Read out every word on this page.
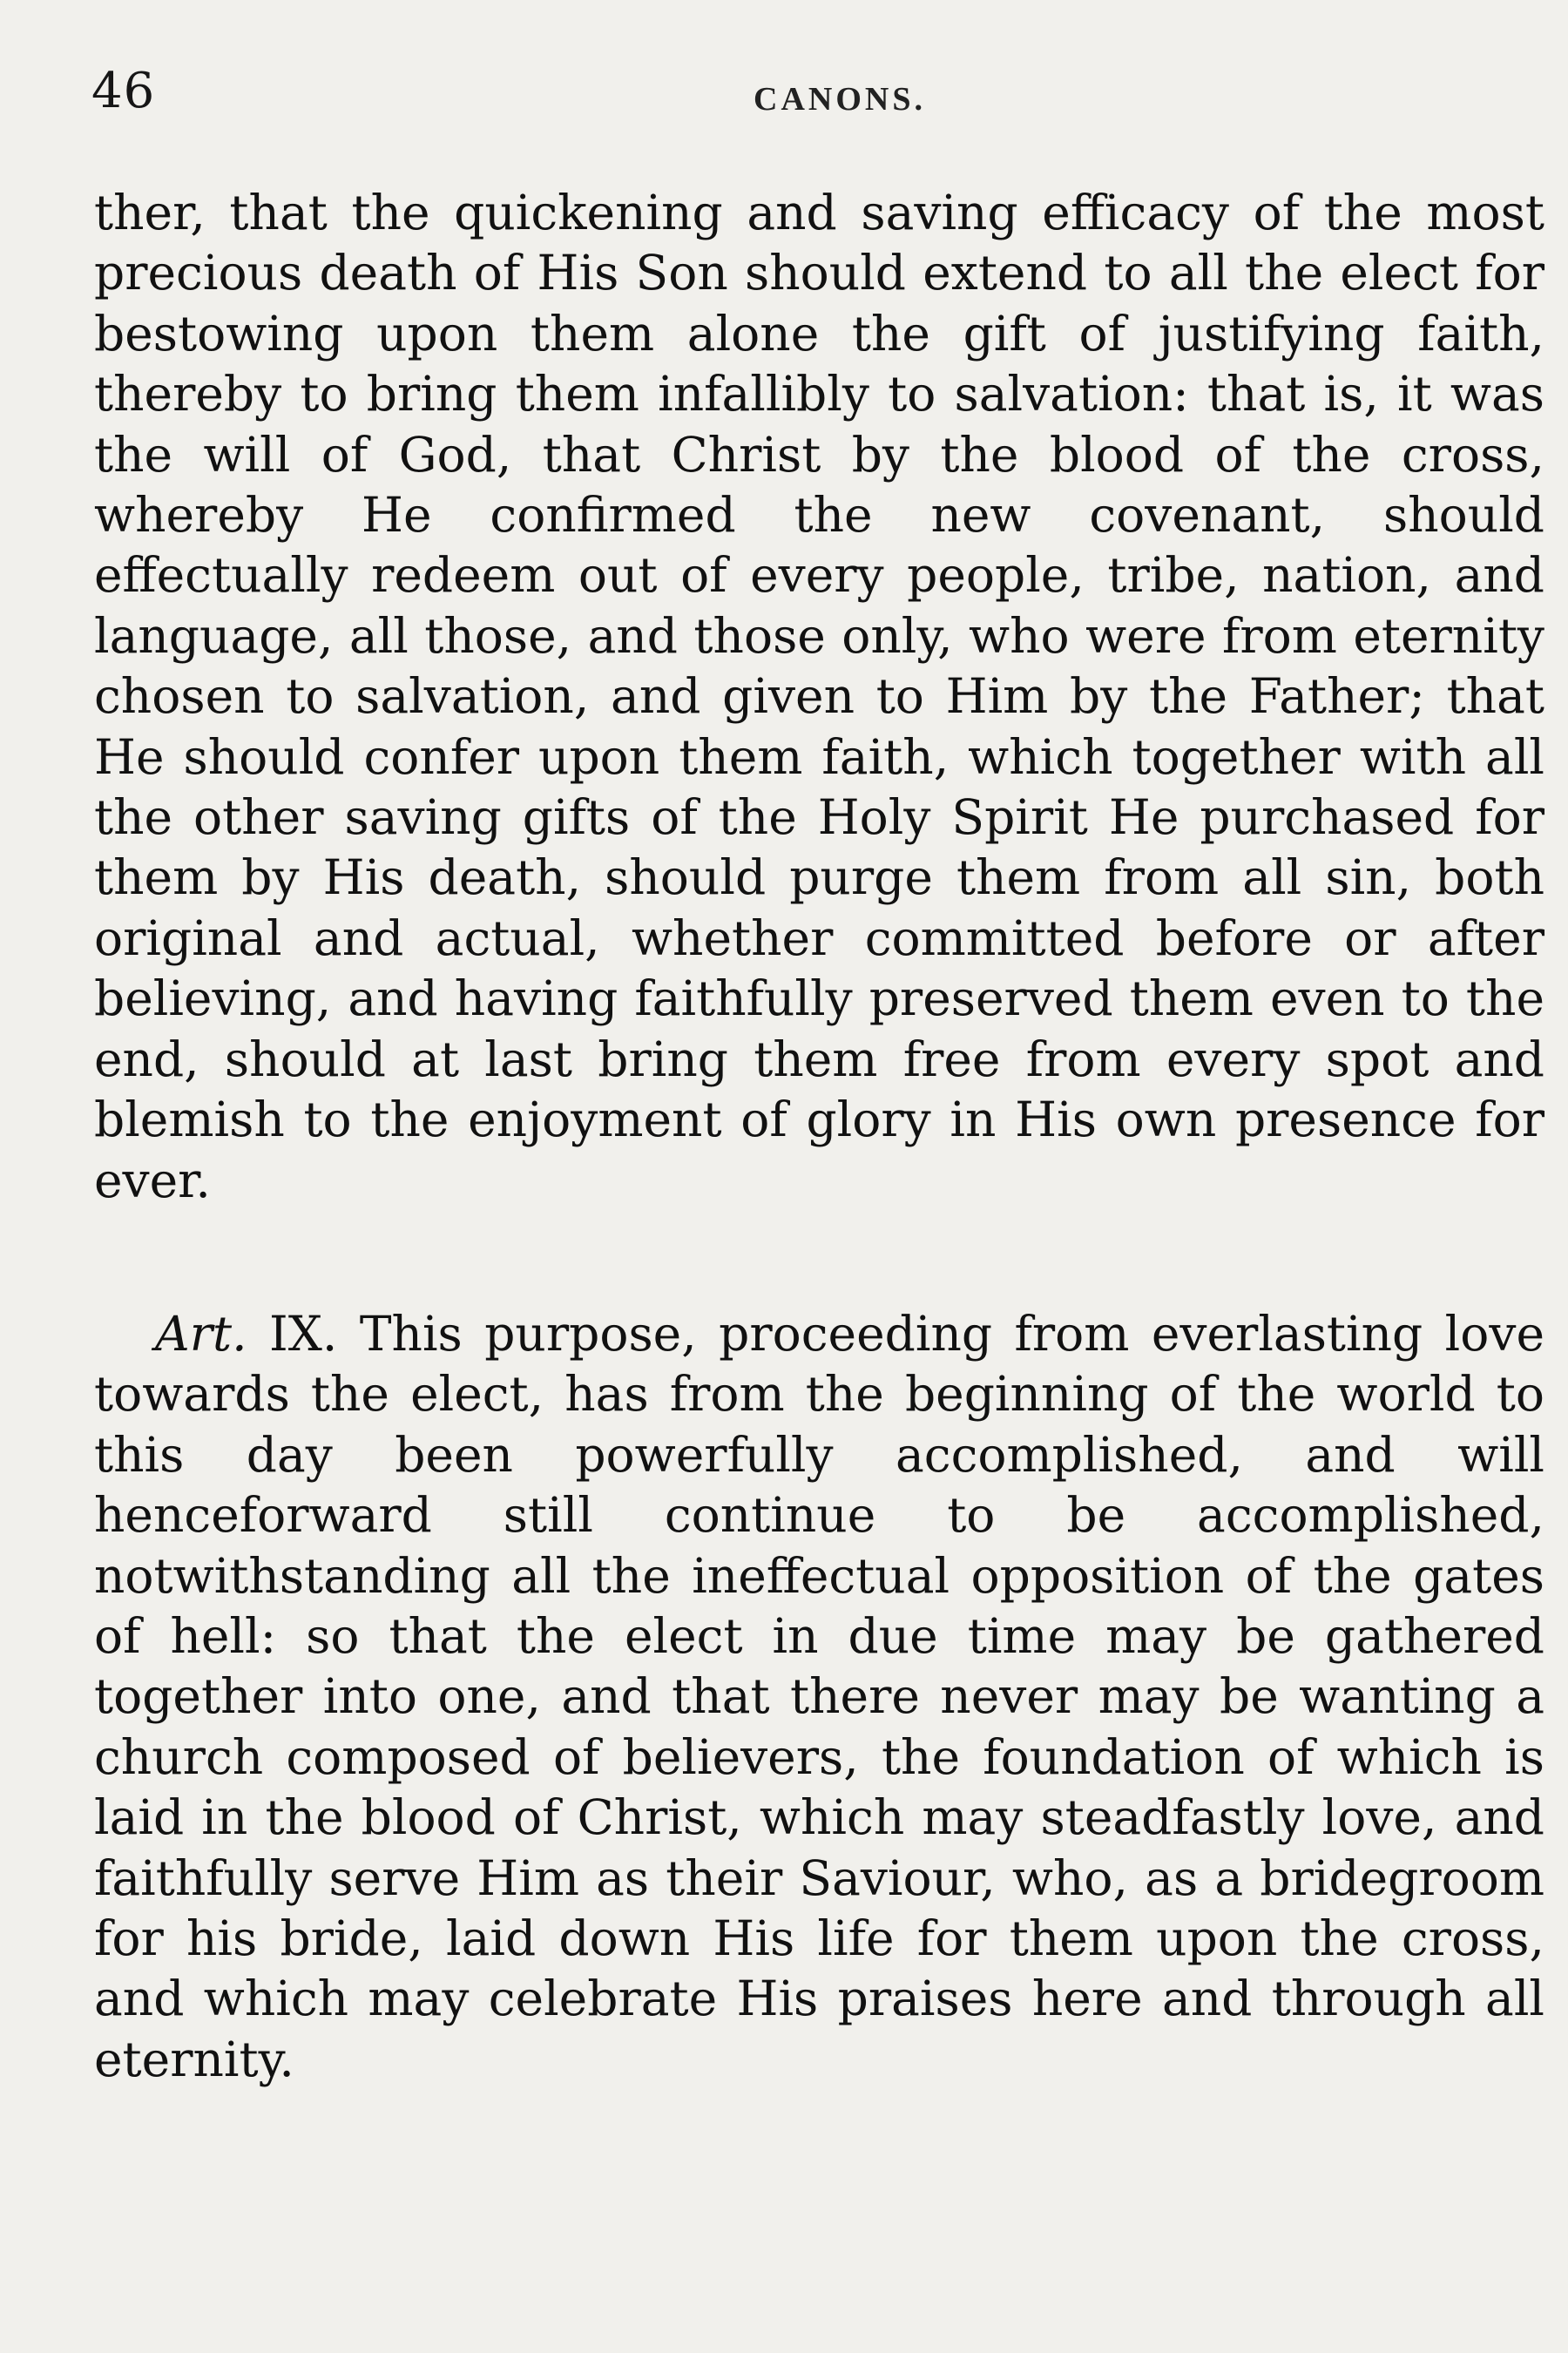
46	CANONS.

ther, that the quickening and saving efficacy of the most precious death of His Son should extend to all the elect for bestowing upon them alone the gift of justifying faith, thereby to bring them infallibly to salvation: that is, it was the will of God, that Christ by the blood of the cross, whereby He confirmed the new covenant, should effectually redeem out of every people, tribe, nation, and language, all those, and those only, who were from eternity chosen to salvation, and given to Him by the Father; that He should confer upon them faith, which together with all the other saving gifts of the Holy Spirit He purchased for them by His death, should purge them from all sin, both original and actual, whether committed before or after believing, and having faithfully preserved them even to the end, should at last bring them free from every spot and blemish to the enjoyment of glory in His own presence for ever.

Art. IX. This purpose, proceeding from everlasting love towards the elect, has from the beginning of the world to this day been powerfully accomplished, and will henceforward still continue to be accomplished, notwithstanding all the ineffectual opposition of the gates of hell: so that the elect in due time may be gathered together into one, and that there never may be wanting a church composed of believers, the foundation of which is laid in the blood of Christ, which may steadfastly love, and faithfully serve Him as their Saviour, who, as a bridegroom for his bride, laid down His life for them upon the cross, and which may celebrate His praises here and through all eternity.
